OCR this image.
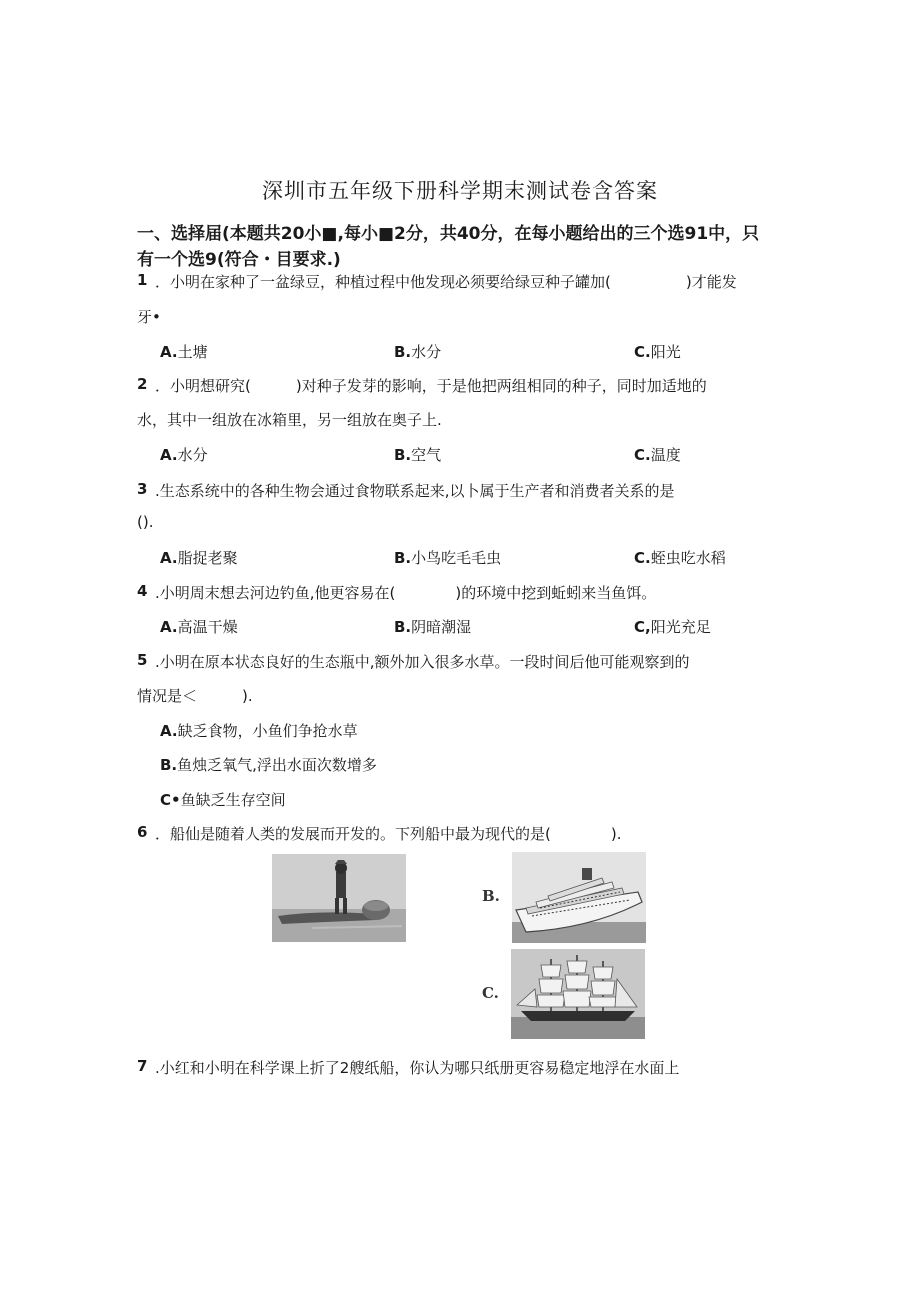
深圳市五年级下册科学期末测试卷含答案
一、选择届(本题共20小■,每小■2分，共40分，在每小题给出的三个选91中，只
有一个选9(符合・目要求.)
1 ．小明在家种了一盆绿豆，种植过程中他发现必须要给绿豆种子罐加(　　　　　)才能发
牙•
A.土塘	B.水分	C.阳光
2 ．小明想研究(　　　)对种子发芽的影响，于是他把两组相同的种子，同时加适地的
水，其中一组放在冰箱里，另一组放在奥子上.
A.水分	B.空气	C.温度
3 .生态系统中的各种生物会通过食物联系起来,以卜属于生产者和消费者关系的是
().
A.脂捉老聚	B.小鸟吃毛毛虫	C.蛭虫吃水稻
4 .小明周末想去河边钓鱼,他更容易在(　　　　)的环境中挖到蚯蚓来当鱼饵。
A.高温干燥	B.阴暗潮湿	C,阳光充足
5 .小明在原本状态良好的生态瓶中,额外加入很多水草。一段时间后他可能观察到的
情况是＜　　　).
A.缺乏食物，小鱼们争抢水草
B.鱼烛乏氧气,浮出水面次数增多
C•鱼缺乏生存空间
6 ．船仙是随着人类的发展而开发的。下列船中最为现代的是(　　　　).
B.
C.
7 .小红和小明在科学课上折了2艘纸船，你认为哪只纸册更容易稳定地浮在水面上
